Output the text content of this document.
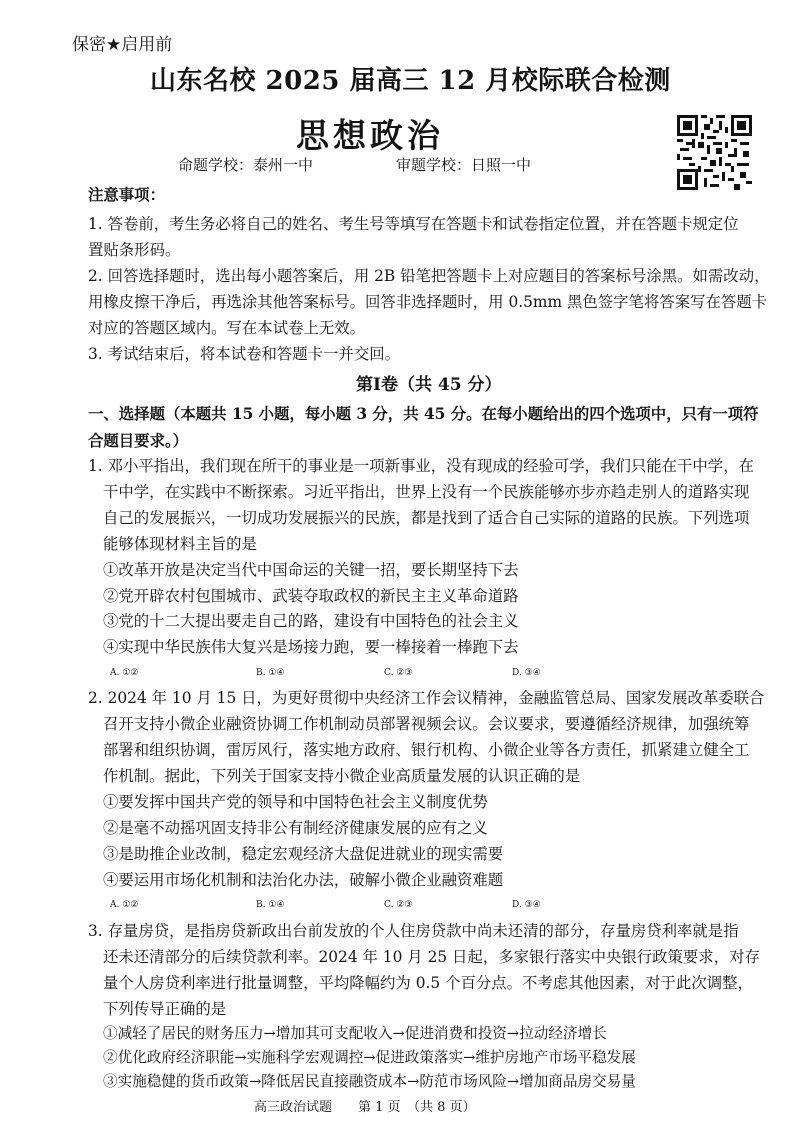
保密★启用前
山东名校 2025 届高三 12 月校际联合检测
思想政治
命题学校：泰州一中	审题学校：日照一中
注意事项：
1. 答卷前，考生务必将自己的姓名、考生号等填写在答题卡和试卷指定位置，并在答题卡规定位
置贴条形码。
2. 回答选择题时，选出每小题答案后，用 2B 铅笔把答题卡上对应题目的答案标号涂黑。如需改动，
用橡皮擦干净后，再选涂其他答案标号。回答非选择题时，用 0.5mm 黑色签字笔将答案写在答题卡
对应的答题区域内。写在本试卷上无效。
3. 考试结束后，将本试卷和答题卡一并交回。
第Ⅰ卷（共 45 分）
一、选择题（本题共 15 小题，每小题 3 分，共 45 分。在每小题给出的四个选项中，只有一项符
合题目要求。）
1. 邓小平指出，我们现在所干的事业是一项新事业，没有现成的经验可学，我们只能在干中学，在
干中学，在实践中不断探索。习近平指出，世界上没有一个民族能够亦步亦趋走别人的道路实现
自己的发展振兴，一切成功发展振兴的民族，都是找到了适合自己实际的道路的民族。下列选项
能够体现材料主旨的是
①改革开放是决定当代中国命运的关键一招，要长期坚持下去
②党开辟农村包围城市、武装夺取政权的新民主主义革命道路
③党的十二大提出要走自己的路，建设有中国特色的社会主义
④实现中华民族伟大复兴是场接力跑，要一棒接着一棒跑下去
A. ①②	B. ①④	C. ②③	D. ③④
2. 2024 年 10 月 15 日，为更好贯彻中央经济工作会议精神，金融监管总局、国家发展改革委联合
召开支持小微企业融资协调工作机制动员部署视频会议。会议要求，要遵循经济规律，加强统筹
部署和组织协调，雷厉风行，落实地方政府、银行机构、小微企业等各方责任，抓紧建立健全工
作机制。据此，下列关于国家支持小微企业高质量发展的认识正确的是
①要发挥中国共产党的领导和中国特色社会主义制度优势
②是毫不动摇巩固支持非公有制经济健康发展的应有之义
③是助推企业改制，稳定宏观经济大盘促进就业的现实需要
④要运用市场化机制和法治化办法，破解小微企业融资难题
A. ①②	B. ①④	C. ②③	D. ③④
3. 存量房贷，是指房贷新政出台前发放的个人住房贷款中尚未还清的部分，存量房贷利率就是指
还未还清部分的后续贷款利率。2024 年 10 月 25 日起，多家银行落实中央银行政策要求，对存
量个人房贷利率进行批量调整，平均降幅约为 0.5 个百分点。不考虑其他因素，对于此次调整，
下列传导正确的是
①减轻了居民的财务压力→增加其可支配收入→促进消费和投资→拉动经济增长
②优化政府经济职能→实施科学宏观调控→促进政策落实→维护房地产市场平稳发展
③实施稳健的货币政策→降低居民直接融资成本→防范市场风险→增加商品房交易量
高三政治试题　　第 1 页　（共 8 页）
